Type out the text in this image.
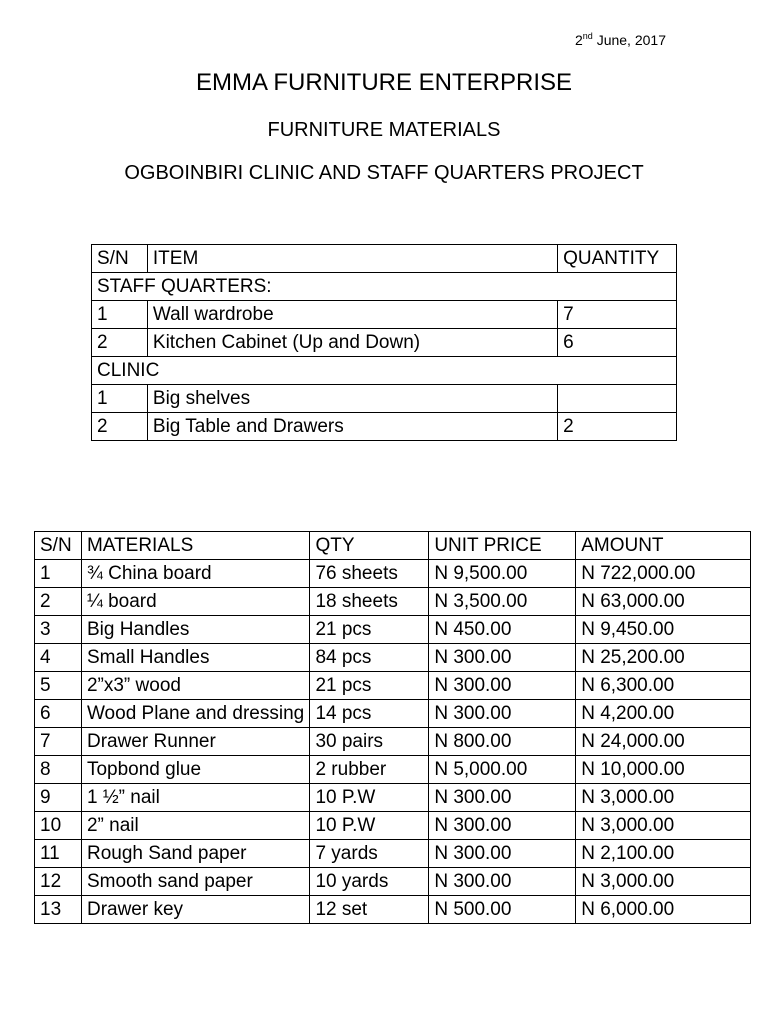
2nd June, 2017
EMMA FURNITURE ENTERPRISE
FURNITURE MATERIALS
OGBOINBIRI CLINIC AND STAFF QUARTERS PROJECT
S/N	ITEM	QUANTITY
STAFF QUARTERS:		
1	Wall wardrobe	7
2	Kitchen Cabinet (Up and Down)	6
CLINIC		
1	Big shelves	
2	Big Table and Drawers	2
S/N	MATERIALS	QTY	UNIT PRICE	AMOUNT
1	¾ China board	76 sheets	N 9,500.00	N 722,000.00
2	¼ board	18 sheets	N 3,500.00	N 63,000.00
3	Big Handles	21 pcs	N 450.00	N 9,450.00
4	Small Handles	84 pcs	N 300.00	N 25,200.00
5	2”x3” wood	21 pcs	N 300.00	N 6,300.00
6	Wood Plane and dressing	14 pcs	N 300.00	N 4,200.00
7	Drawer Runner	30 pairs	N 800.00	N 24,000.00
8	Topbond glue	2 rubber	N 5,000.00	N 10,000.00
9	1 ½” nail	10 P.W	N 300.00	N 3,000.00
10	2” nail	10 P.W	N 300.00	N 3,000.00
11	Rough Sand paper	7 yards	N 300.00	N 2,100.00
12	Smooth sand paper	10 yards	N 300.00	N 3,000.00
13	Drawer key	12 set	N 500.00	N 6,000.00
